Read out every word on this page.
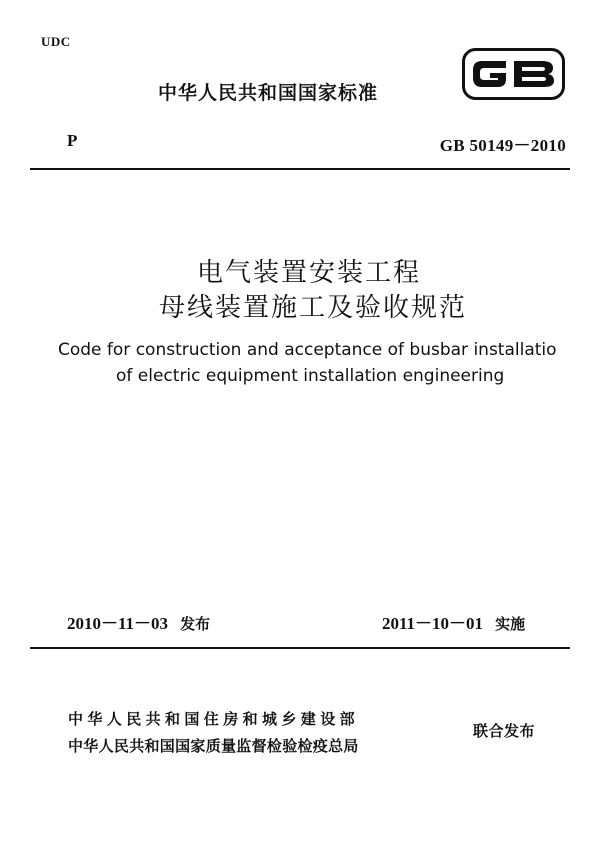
UDC
中华人民共和国国家标准
P	GB 50149－2010
电气装置安装工程
母线装置施工及验收规范
Code for construction and acceptance of busbar installatio
of electric equipment installation engineering
2010－11－03 发布	2011－10－01 实施
中华人民共和国住房和城乡建设部
中华人民共和国国家质量监督检验检疫总局
联合发布
